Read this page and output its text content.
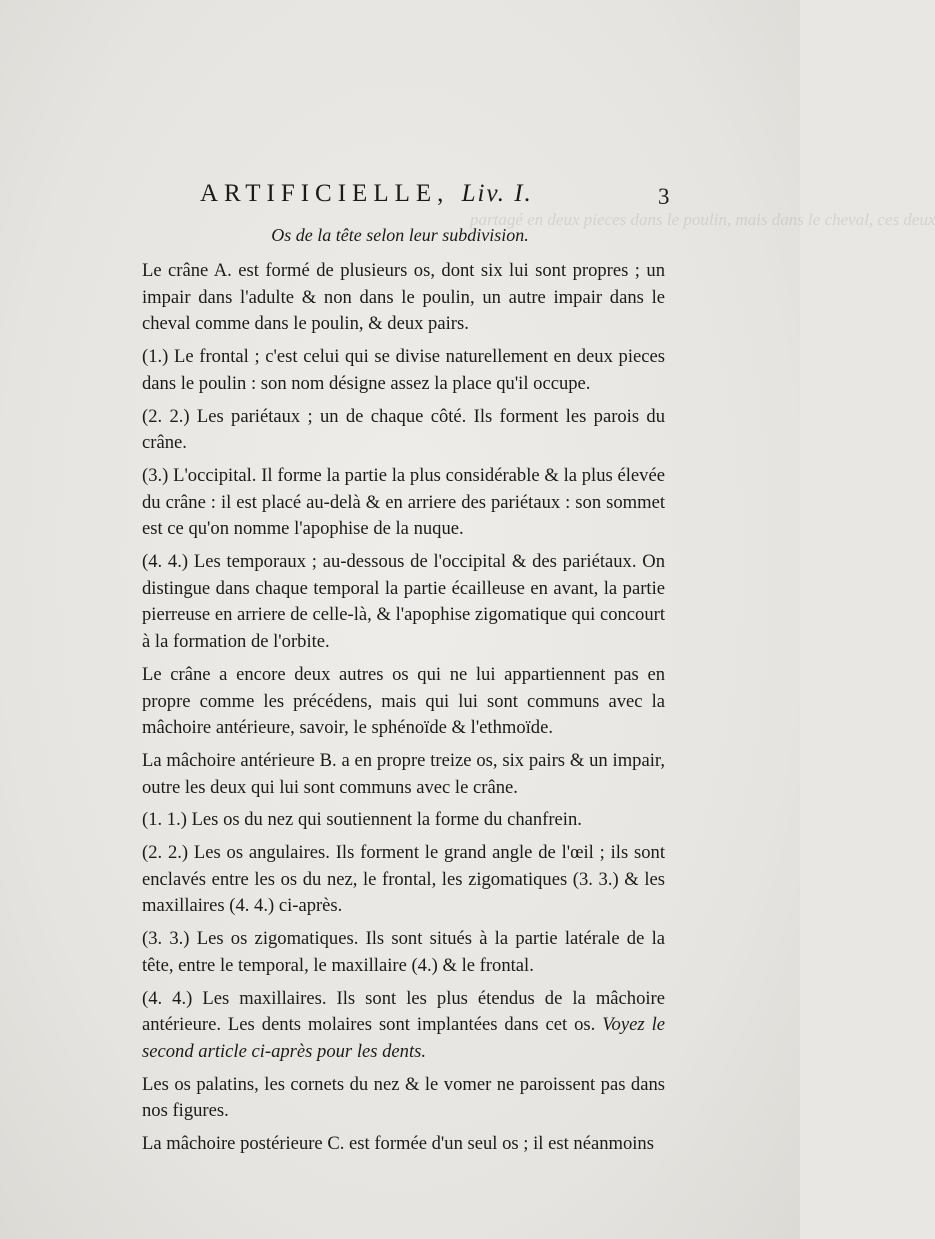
partagé en deux pieces dans le poulin, mais dans le cheval, ces deux
ARTIFICIELLE, Liv. I.	3
Os de la tête selon leur subdivision.

Le crâne A. est formé de plusieurs os, dont six lui sont propres ; un impair dans l'adulte & non dans le poulin, un autre impair dans le cheval comme dans le poulin, & deux pairs.

(1.) Le frontal ; c'est celui qui se divise naturellement en deux pieces dans le poulin : son nom désigne assez la place qu'il occupe.

(2. 2.) Les pariétaux ; un de chaque côté. Ils forment les parois du crâne.

(3.) L'occipital. Il forme la partie la plus considérable & la plus élevée du crâne : il est placé au-delà & en arriere des pariétaux : son sommet est ce qu'on nomme l'apophise de la nuque.

(4. 4.) Les temporaux ; au-dessous de l'occipital & des pariétaux. On distingue dans chaque temporal la partie écailleuse en avant, la partie pierreuse en arriere de celle-là, & l'apophise zigomatique qui concourt à la formation de l'orbite.

Le crâne a encore deux autres os qui ne lui appartiennent pas en propre comme les précédens, mais qui lui sont communs avec la mâchoire antérieure, savoir, le sphénoïde & l'ethmoïde.

La mâchoire antérieure B. a en propre treize os, six pairs & un impair, outre les deux qui lui sont communs avec le crâne.

(1. 1.) Les os du nez qui soutiennent la forme du chanfrein.

(2. 2.) Les os angulaires. Ils forment le grand angle de l'œil ; ils sont enclavés entre les os du nez, le frontal, les zigomatiques (3. 3.) & les maxillaires (4. 4.) ci-après.

(3. 3.) Les os zigomatiques. Ils sont situés à la partie latérale de la tête, entre le temporal, le maxillaire (4.) & le frontal.

(4. 4.) Les maxillaires. Ils sont les plus étendus de la mâchoire antérieure. Les dents molaires sont implantées dans cet os. Voyez le second article ci-après pour les dents.

Les os palatins, les cornets du nez & le vomer ne paroissent pas dans nos figures.

La mâchoire postérieure C. est formée d'un seul os ; il est néanmoins
